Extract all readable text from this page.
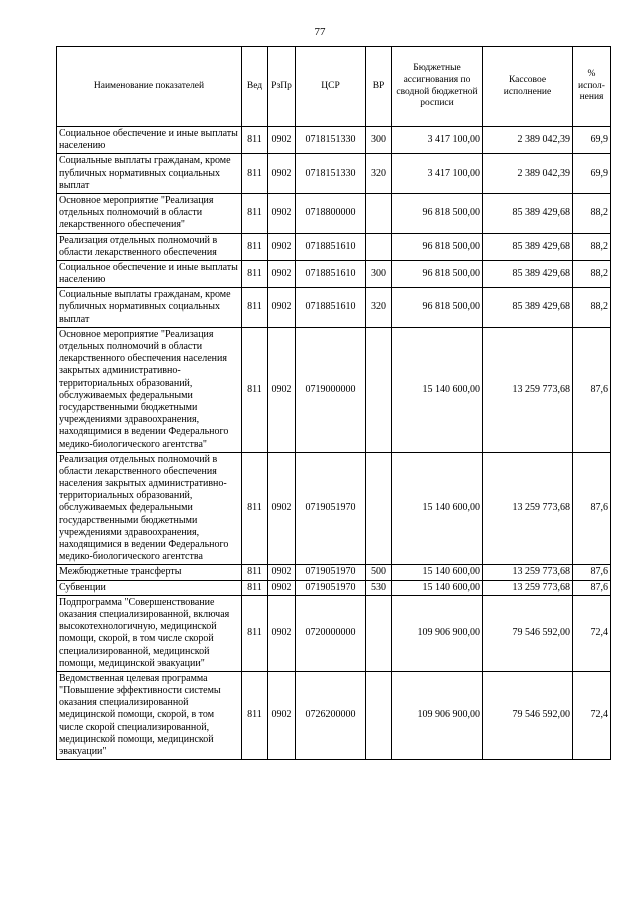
77
Наименование показателей	Вед	РзПр	ЦСР	ВР	Бюджетные ассигнования по сводной бюджетной росписи	Кассовое исполнение	% испол-нения
Социальное обеспечение и иные выплаты населению	811	0902	0718151330	300	3 417 100,00	2 389 042,39	69,9
Социальные выплаты гражданам, кроме публичных нормативных социальных выплат	811	0902	0718151330	320	3 417 100,00	2 389 042,39	69,9
Основное мероприятие "Реализация отдельных полномочий в области лекарственного обеспечения"	811	0902	0718800000		96 818 500,00	85 389 429,68	88,2
Реализация отдельных полномочий в области лекарственного обеспечения	811	0902	0718851610		96 818 500,00	85 389 429,68	88,2
Социальное обеспечение и иные выплаты населению	811	0902	0718851610	300	96 818 500,00	85 389 429,68	88,2
Социальные выплаты гражданам, кроме публичных нормативных социальных выплат	811	0902	0718851610	320	96 818 500,00	85 389 429,68	88,2
Основное мероприятие "Реализация отдельных полномочий в области лекарственного обеспечения населения закрытых административно-территориальных образований, обслуживаемых федеральными государственными бюджетными учреждениями здравоохранения, находящимися в ведении Федерального медико-биологического агентства"	811	0902	0719000000		15 140 600,00	13 259 773,68	87,6
Реализация отдельных полномочий в области лекарственного обеспечения населения закрытых административно-территориальных образований, обслуживаемых федеральными государственными бюджетными учреждениями здравоохранения, находящимися в ведении Федерального медико-биологического агентства	811	0902	0719051970		15 140 600,00	13 259 773,68	87,6
Межбюджетные трансферты	811	0902	0719051970	500	15 140 600,00	13 259 773,68	87,6
Субвенции	811	0902	0719051970	530	15 140 600,00	13 259 773,68	87,6
Подпрограмма "Совершенствование оказания специализированной, включая высокотехнологичную, медицинской помощи, скорой, в том числе скорой специализированной, медицинской помощи, медицинской эвакуации"	811	0902	0720000000		109 906 900,00	79 546 592,00	72,4
Ведомственная целевая программа "Повышение эффективности системы оказания специализированной медицинской помощи, скорой, в том числе скорой специализированной, медицинской помощи, медицинской эвакуации"	811	0902	0726200000		109 906 900,00	79 546 592,00	72,4
